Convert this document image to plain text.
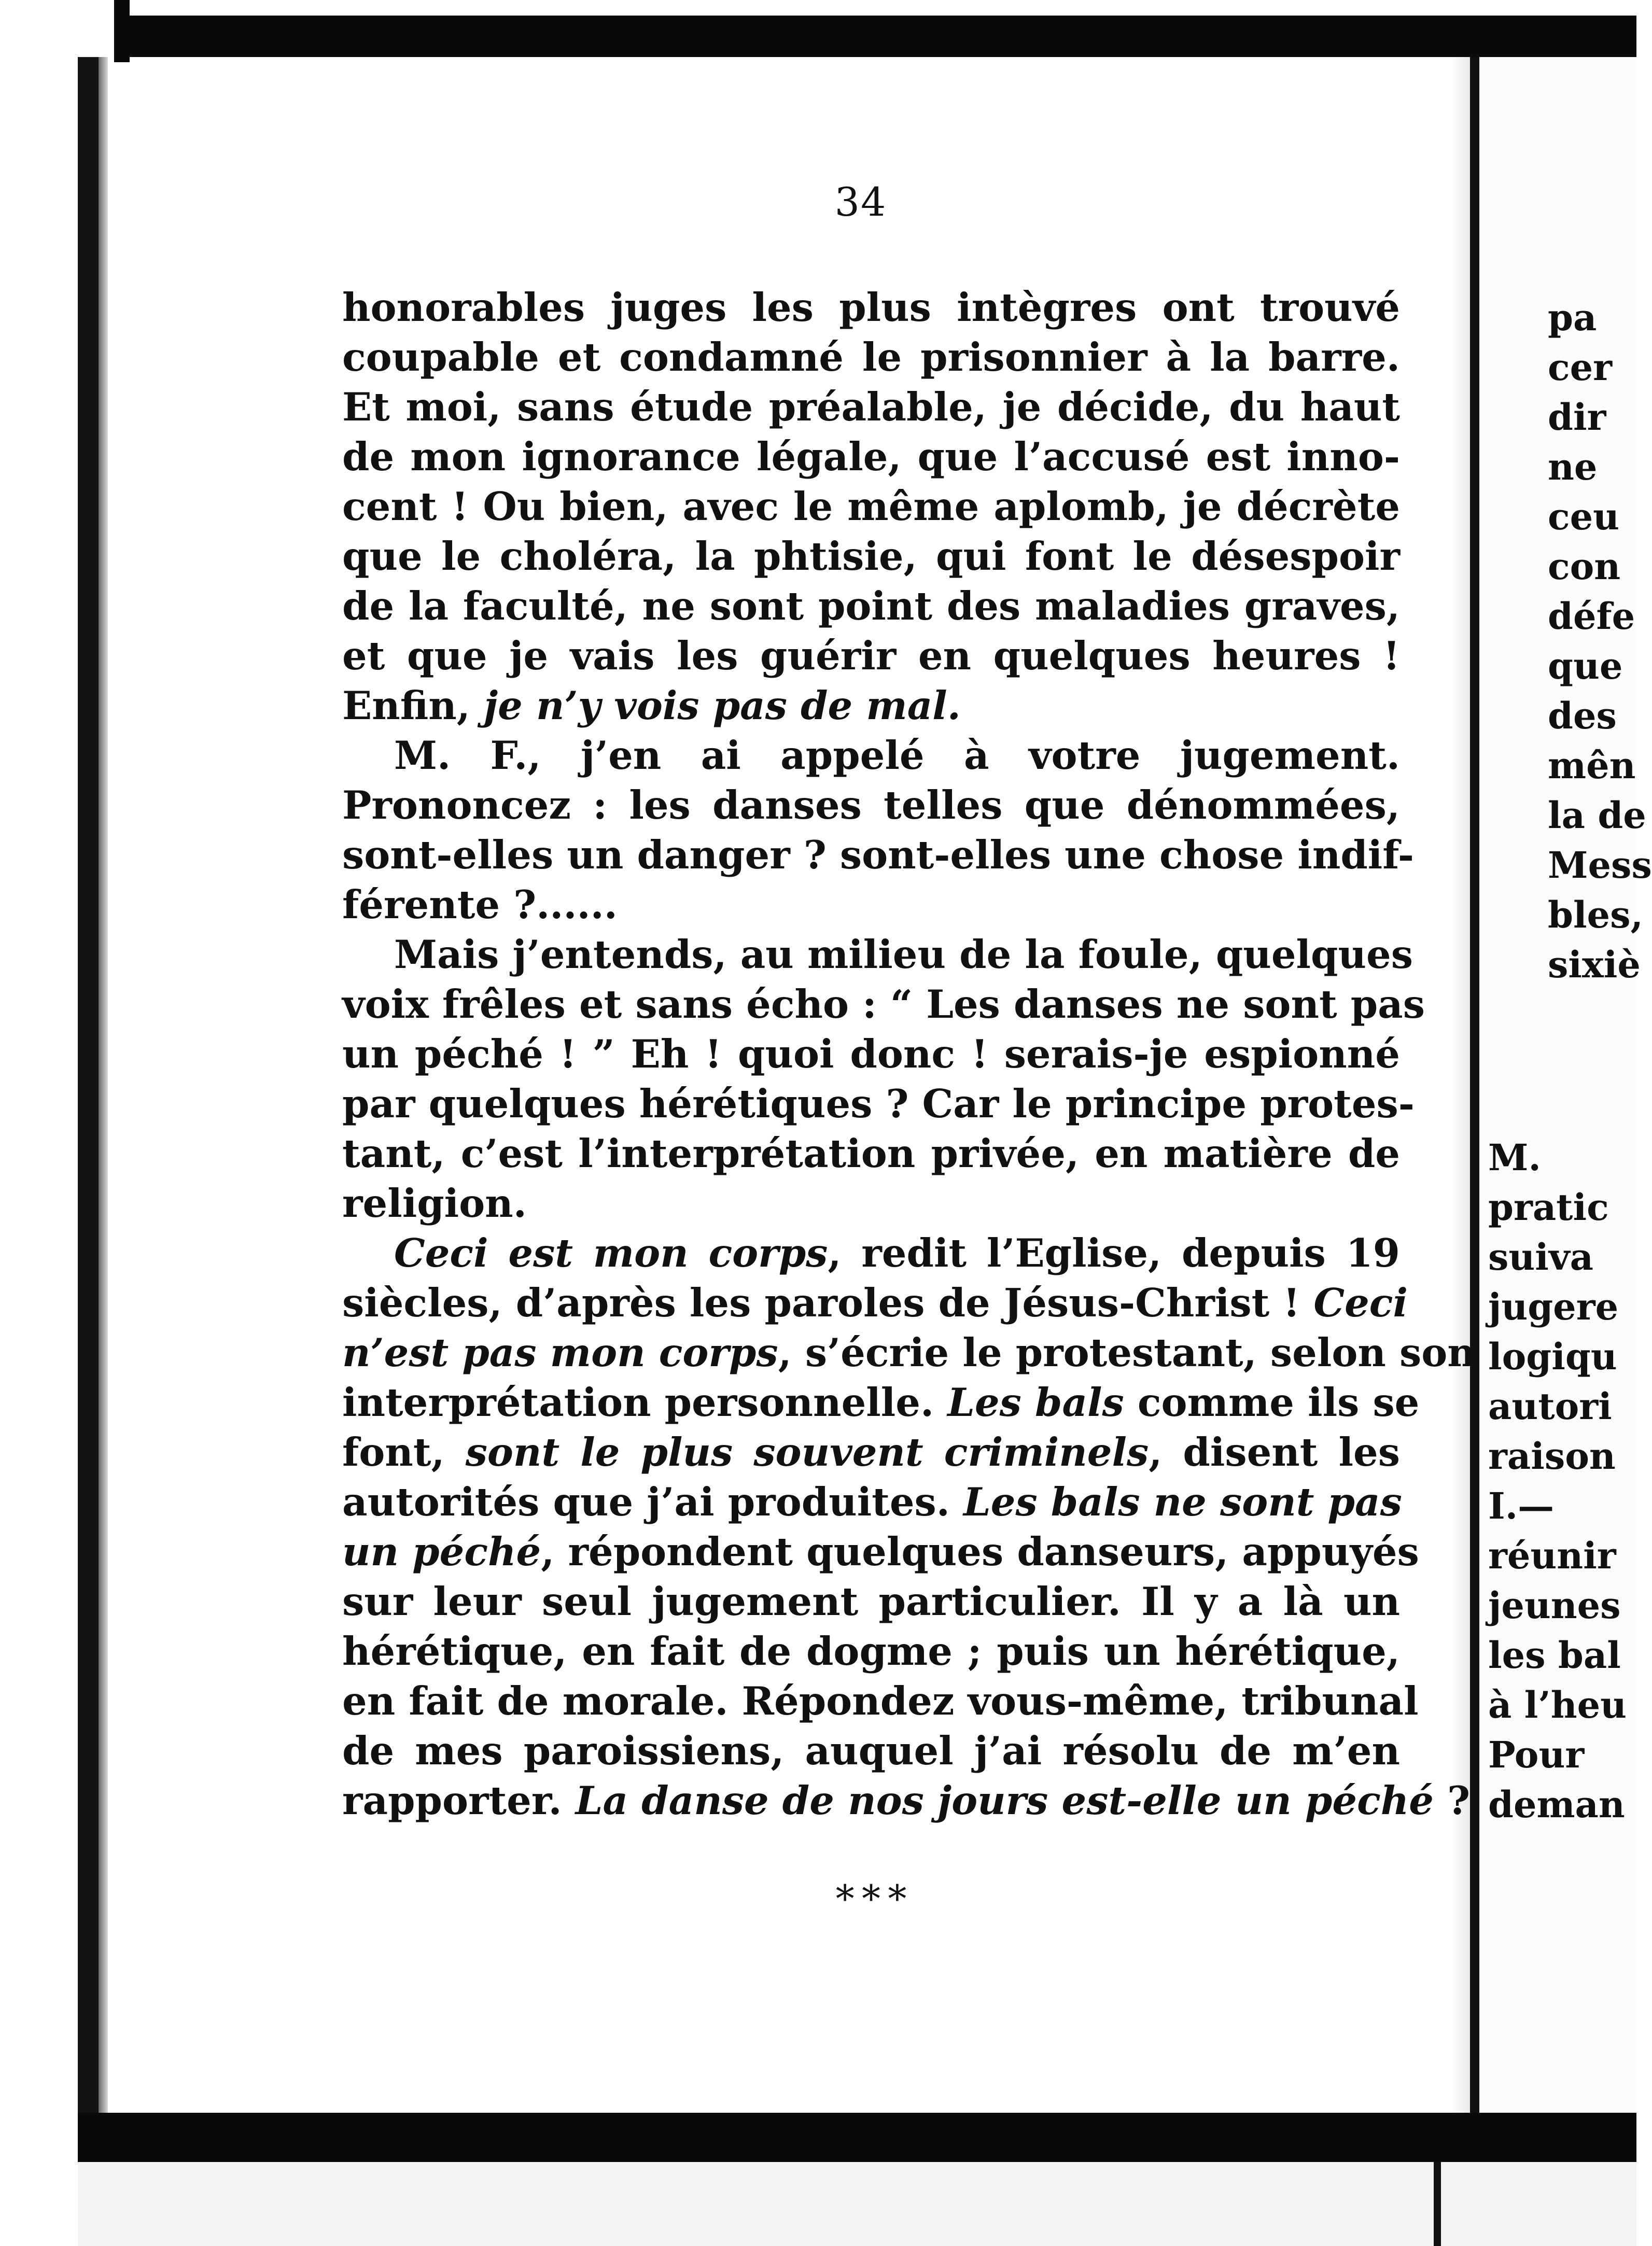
34
honorables juges les plus intègres ont trouvé
coupable et condamné le prisonnier à la barre.
Et moi, sans étude préalable, je décide, du haut
de mon ignorance légale, que l’accusé est inno-
cent ! Ou bien, avec le même aplomb, je décrète
que le choléra, la phtisie, qui font le désespoir
de la faculté, ne sont point des maladies graves,
et que je vais les guérir en quelques heures !
Enfin, je n’y vois pas de mal.
M. F., j’en ai appelé à votre jugement.
Prononcez : les danses telles que dénommées,
sont-elles un danger ? sont-elles une chose indif-
férente ?......
Mais j’entends, au milieu de la foule, quelques
voix frêles et sans écho : “ Les danses ne sont pas
un péché ! ” Eh ! quoi donc ! serais-je espionné
par quelques hérétiques ? Car le principe protes-
tant, c’est l’interprétation privée, en matière de
religion.
Ceci est mon corps, redit l’Eglise, depuis 19
siècles, d’après les paroles de Jésus-Christ ! Ceci
n’est pas mon corps, s’écrie le protestant, selon son
interprétation personnelle. Les bals comme ils se
font, sont le plus souvent criminels, disent les
autorités que j’ai produites. Les bals ne sont pas
un péché, répondent quelques danseurs, appuyés
sur leur seul jugement particulier. Il y a là un
hérétique, en fait de dogme ; puis un hérétique,
en fait de morale. Répondez vous-même, tribunal
de mes paroissiens, auquel j’ai résolu de m’en
rapporter. La danse de nos jours est-elle un péché ?
* * *
pa
cer
dir
ne
ceu
con
défe
que
des
mên
la de
Mess
bles,
sixiè
M.
pratic
suiva
jugere
logiqu
autori
raison
I.—
réunir
jeunes
les bal
à l’heu
Pour
deman
